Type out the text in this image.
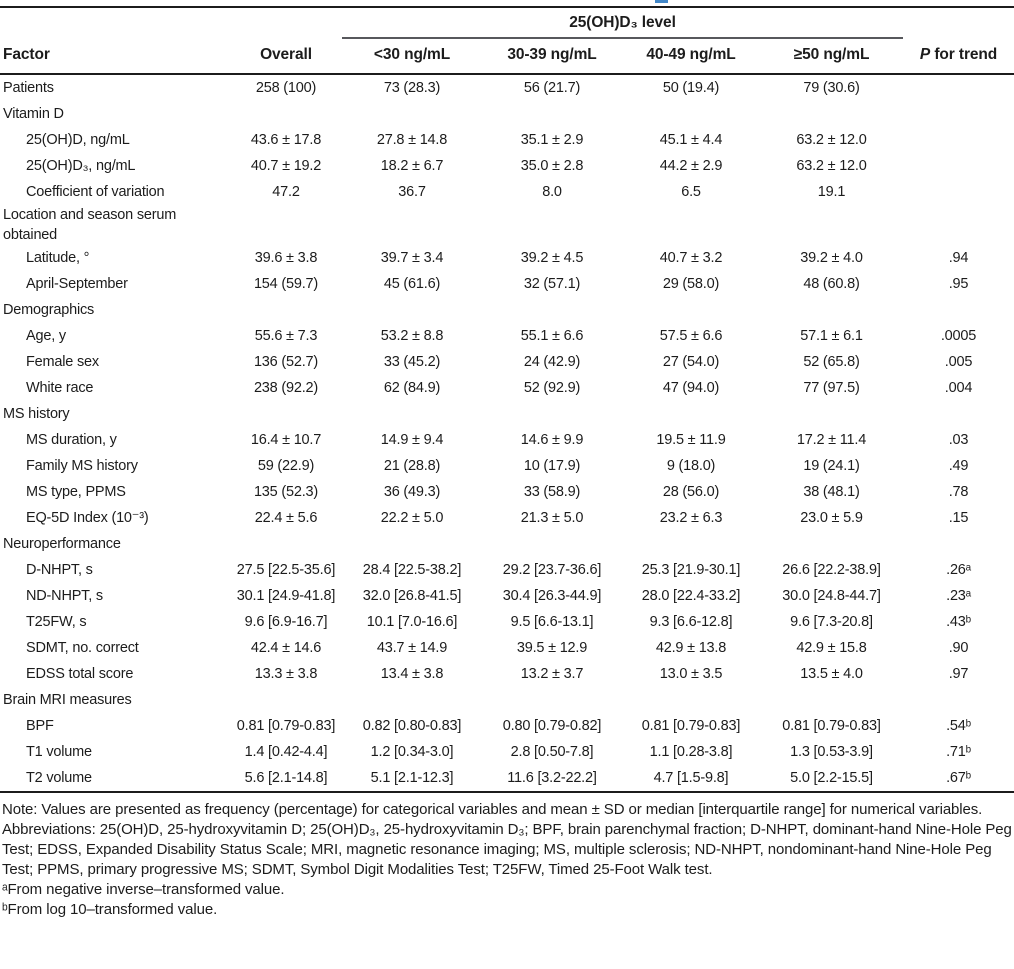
		25(OH)D₃ level				
Factor	Overall	<30 ng/mL	30-39 ng/mL	40-49 ng/mL	≥50 ng/mL	P for trend
Patients	258 (100)	73 (28.3)	56 (21.7)	50 (19.4)	79 (30.6)	
Vitamin D						
25(OH)D, ng/mL	43.6 ± 17.8	27.8 ± 14.8	35.1 ± 2.9	45.1 ± 4.4	63.2 ± 12.0	
25(OH)D₃, ng/mL	40.7 ± 19.2	18.2 ± 6.7	35.0 ± 2.8	44.2 ± 2.9	63.2 ± 12.0	
Coefficient of variation	47.2	36.7	8.0	6.5	19.1	
Location and season serum obtained						
Latitude, °	39.6 ± 3.8	39.7 ± 3.4	39.2 ± 4.5	40.7 ± 3.2	39.2 ± 4.0	.94
April-September	154 (59.7)	45 (61.6)	32 (57.1)	29 (58.0)	48 (60.8)	.95
Demographics						
Age, y	55.6 ± 7.3	53.2 ± 8.8	55.1 ± 6.6	57.5 ± 6.6	57.1 ± 6.1	.0005
Female sex	136 (52.7)	33 (45.2)	24 (42.9)	27 (54.0)	52 (65.8)	.005
White race	238 (92.2)	62 (84.9)	52 (92.9)	47 (94.0)	77 (97.5)	.004
MS history						
MS duration, y	16.4 ± 10.7	14.9 ± 9.4	14.6 ± 9.9	19.5 ± 11.9	17.2 ± 11.4	.03
Family MS history	59 (22.9)	21 (28.8)	10 (17.9)	9 (18.0)	19 (24.1)	.49
MS type, PPMS	135 (52.3)	36 (49.3)	33 (58.9)	28 (56.0)	38 (48.1)	.78
EQ-5D Index (10⁻³)	22.4 ± 5.6	22.2 ± 5.0	21.3 ± 5.0	23.2 ± 6.3	23.0 ± 5.9	.15
Neuroperformance						
D-NHPT, s	27.5 [22.5-35.6]	28.4 [22.5-38.2]	29.2 [23.7-36.6]	25.3 [21.9-30.1]	26.6 [22.2-38.9]	.26ᵃ
ND-NHPT, s	30.1 [24.9-41.8]	32.0 [26.8-41.5]	30.4 [26.3-44.9]	28.0 [22.4-33.2]	30.0 [24.8-44.7]	.23ᵃ
T25FW, s	9.6 [6.9-16.7]	10.1 [7.0-16.6]	9.5 [6.6-13.1]	9.3 [6.6-12.8]	9.6 [7.3-20.8]	.43ᵇ
SDMT, no. correct	42.4 ± 14.6	43.7 ± 14.9	39.5 ± 12.9	42.9 ± 13.8	42.9 ± 15.8	.90
EDSS total score	13.3 ± 3.8	13.4 ± 3.8	13.2 ± 3.7	13.0 ± 3.5	13.5 ± 4.0	.97
Brain MRI measures						
BPF	0.81 [0.79-0.83]	0.82 [0.80-0.83]	0.80 [0.79-0.82]	0.81 [0.79-0.83]	0.81 [0.79-0.83]	.54ᵇ
T1 volume	1.4 [0.42-4.4]	1.2 [0.34-3.0]	2.8 [0.50-7.8]	1.1 [0.28-3.8]	1.3 [0.53-3.9]	.71ᵇ
T2 volume	5.6 [2.1-14.8]	5.1 [2.1-12.3]	11.6 [3.2-22.2]	4.7 [1.5-9.8]	5.0 [2.2-15.5]	.67ᵇ

Note: Values are presented as frequency (percentage) for categorical variables and mean ± SD or median [interquartile range] for numerical variables.

Abbreviations: 25(OH)D, 25-hydroxyvitamin D; 25(OH)D₃, 25-hydroxyvitamin D₃; BPF, brain parenchymal fraction; D-NHPT, dominant-hand Nine-Hole Peg Test; EDSS, Expanded Disability Status Scale; MRI, magnetic resonance imaging; MS, multiple sclerosis; ND-NHPT, nondominant-hand Nine-Hole Peg Test; PPMS, primary progressive MS; SDMT, Symbol Digit Modalities Test; T25FW, Timed 25-Foot Walk test.

ᵃFrom negative inverse–transformed value.

ᵇFrom log 10–transformed value.
